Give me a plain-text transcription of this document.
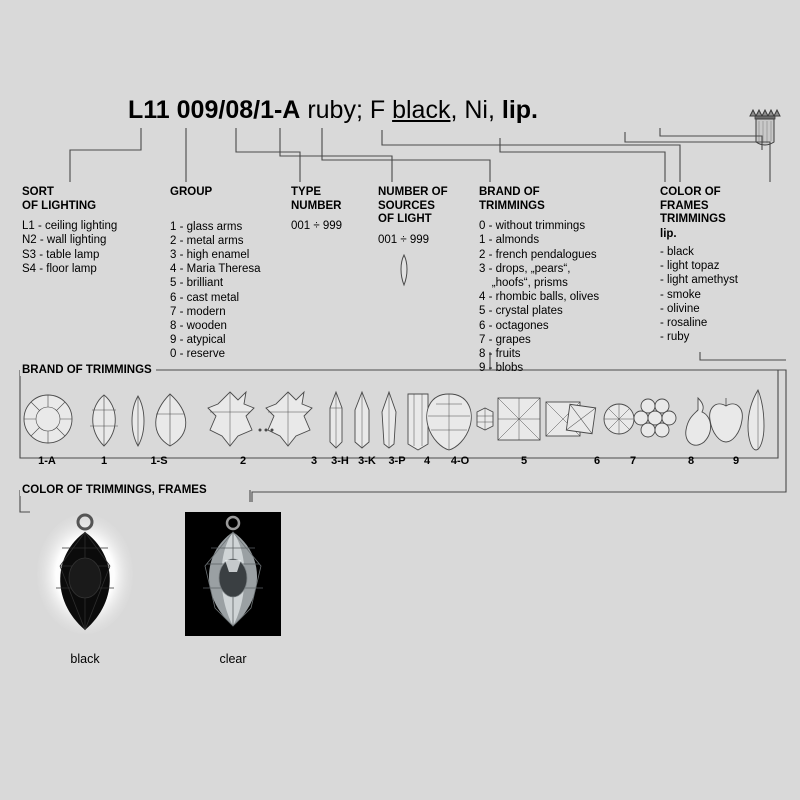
L11 009/08/1-A ruby; F black, Ni, lip.
SORT
OF LIGHTING
L1 - ceiling lighting
N2 - wall lighting
S3 - table lamp
S4 - floor lamp
GROUP
1 - glass arms
2 - metal arms
3 - high enamel
4 - Maria Theresa
5 - brilliant
6 - cast metal
7 - modern
8 - wooden
9 - atypical
0 - reserve
TYPE
NUMBER
001 ÷ 999
NUMBER OF
SOURCES
OF LIGHT
001 ÷ 999
BRAND OF
TRIMMINGS
0 - without trimmings
1 - almonds
2 - french pendalogues
3 - drops, „pears“,
„hoofs“, prisms
4 - rhombic balls, olives
5 - crystal plates
6 - octagones
7 - grapes
8 - fruits
9 - blobs
COLOR OF
FRAMES
TRIMMINGS
lip.
- black
- light topaz
- light amethyst
- smoke
- olivine
- rosaline
- ruby
BRAND OF TRIMMINGS
1-A	1	1-S	2	3	3-H 3-K	3-P	4	4-O	5	6	7	8	9
COLOR OF TRIMMINGS, FRAMES
black	clear
